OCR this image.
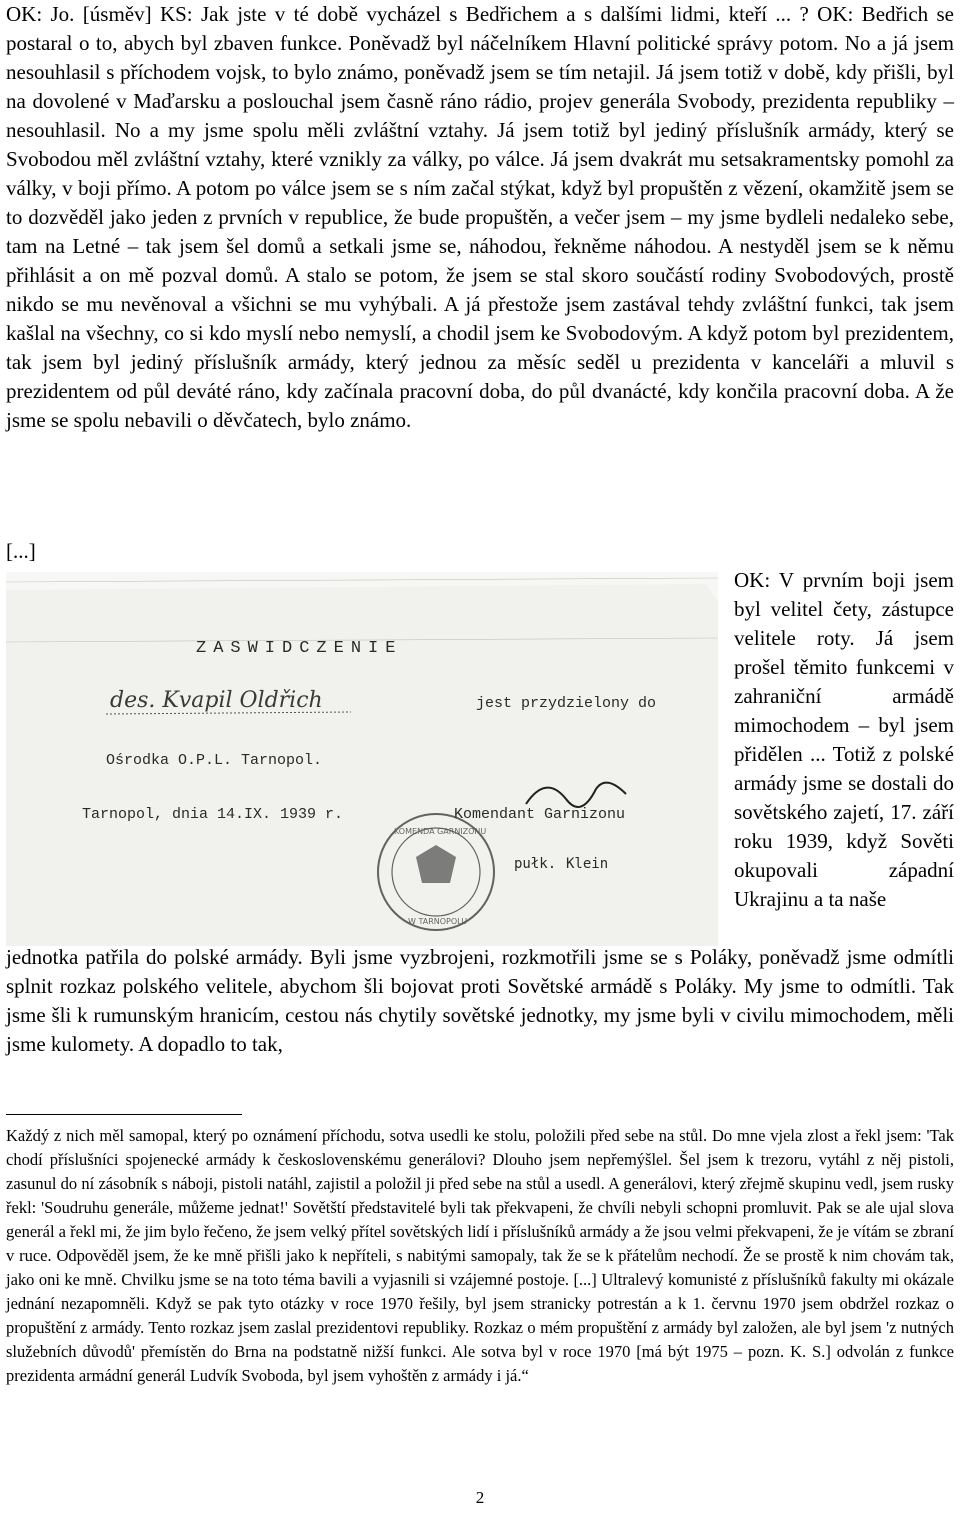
OK: Jo. [úsměv] KS: Jak jste v té době vycházel s Bedřichem a s dalšími lidmi, kteří ... ? OK: Bedřich se postaral o to, abych byl zbaven funkce. Poněvadž byl náčelníkem Hlavní politické správy potom. No a já jsem nesouhlasil s příchodem vojsk, to bylo známo, poněvadž jsem se tím netajil. Já jsem totiž v době, kdy přišli, byl na dovolené v Maďarsku a poslouchal jsem časně ráno rádio, projev generála Svobody, prezidenta republiky – nesouhlasil. No a my jsme spolu měli zvláštní vztahy. Já jsem totiž byl jediný příslušník armády, který se Svobodou měl zvláštní vztahy, které vznikly za války, po válce. Já jsem dvakrát mu setsakramentsky pomohl za války, v boji přímo. A potom po válce jsem se s ním začal stýkat, když byl propuštěn z vězení, okamžitě jsem se to dozvěděl jako jeden z prvních v republice, že bude propuštěn, a večer jsem – my jsme bydleli nedaleko sebe, tam na Letné – tak jsem šel domů a setkali jsme se, náhodou, řekněme náhodou. A nestyděl jsem se k němu přihlásit a on mě pozval domů. A stalo se potom, že jsem se stal skoro součástí rodiny Svobodových, prostě nikdo se mu nevěnoval a všichni se mu vyhýbali. A já přestože jsem zastával tehdy zvláštní funkci, tak jsem kašlal na všechny, co si kdo myslí nebo nemyslí, a chodil jsem ke Svobodovým. A když potom byl prezidentem, tak jsem byl jediný příslušník armády, který jednou za měsíc seděl u prezidenta v kanceláři a mluvil s prezidentem od půl deváté ráno, kdy začínala pracovní doba, do půl dvanácté, kdy končila pracovní doba. A že jsme se spolu nebavili o děvčatech, bylo známo.

[...]
ZASWIDCZENIE
des. Kvapil Oldřich	jest przydzielony do
Ośrodka O.P.L. Tarnopol.
Tarnopol, dnia 14.IX. 1939 r.	Komendant Garnizonu
KOMENDA GARNIZONU
W TARNOPOLU
pułk. Klein

OK: V prvním boji jsem byl velitel čety, zástupce velitele roty. Já jsem prošel těmito funkcemi v zahraniční armádě mimochodem – byl jsem přidělen ... Totiž z polské armády jsme se dostali do sovětského zajetí, 17. září roku 1939, když Sověti okupovali západní Ukrajinu a ta naše

jednotka patřila do polské armády. Byli jsme vyzbrojeni, rozkmotřili jsme se s Poláky, poněvadž jsme odmítli splnit rozkaz polského velitele, abychom šli bojovat proti Sovětské armádě s Poláky. My jsme to odmítli. Tak jsme šli k rumunským hranicím, cestou nás chytily sovětské jednotky, my jsme byli v civilu mimochodem, měli jsme kulomety. A dopadlo to tak,

Každý z nich měl samopal, který po oznámení příchodu, sotva usedli ke stolu, položili před sebe na stůl. Do mne vjela zlost a řekl jsem: 'Tak chodí příslušníci spojenecké armády k československému generálovi? Dlouho jsem nepřemýšlel. Šel jsem k trezoru, vytáhl z něj pistoli, zasunul do ní zásobník s náboji, pistoli natáhl, zajistil a položil ji před sebe na stůl a usedl. A generálovi, který zřejmě skupinu vedl, jsem rusky řekl: 'Soudruhu generále, můžeme jednat!' Sovětští představitelé byli tak překvapeni, že chvíli nebyli schopni promluvit. Pak se ale ujal slova generál a řekl mi, že jim bylo řečeno, že jsem velký přítel sovětských lidí i příslušníků armády a že jsou velmi překvapeni, že je vítám se zbraní v ruce. Odpověděl jsem, že ke mně přišli jako k nepříteli, s nabitými samopaly, tak že se k přátelům nechodí. Že se prostě k nim chovám tak, jako oni ke mně. Chvilku jsme se na toto téma bavili a vyjasnili si vzájemné postoje. [...] Ultralevý komunisté z příslušníků fakulty mi okázale jednání nezapomněli. Když se pak tyto otázky v roce 1970 řešily, byl jsem stranicky potrestán a k 1. červnu 1970 jsem obdržel rozkaz o propuštění z armády. Tento rozkaz jsem zaslal prezidentovi republiky. Rozkaz o mém propuštění z armády byl založen, ale byl jsem 'z nutných služebních důvodů' přemístěn do Brna na podstatně nižší funkci. Ale sotva byl v roce 1970 [má být 1975 – pozn. K. S.] odvolán z funkce prezidenta armádní generál Ludvík Svoboda, byl jsem vyhoštěn z armády i já.“

2
